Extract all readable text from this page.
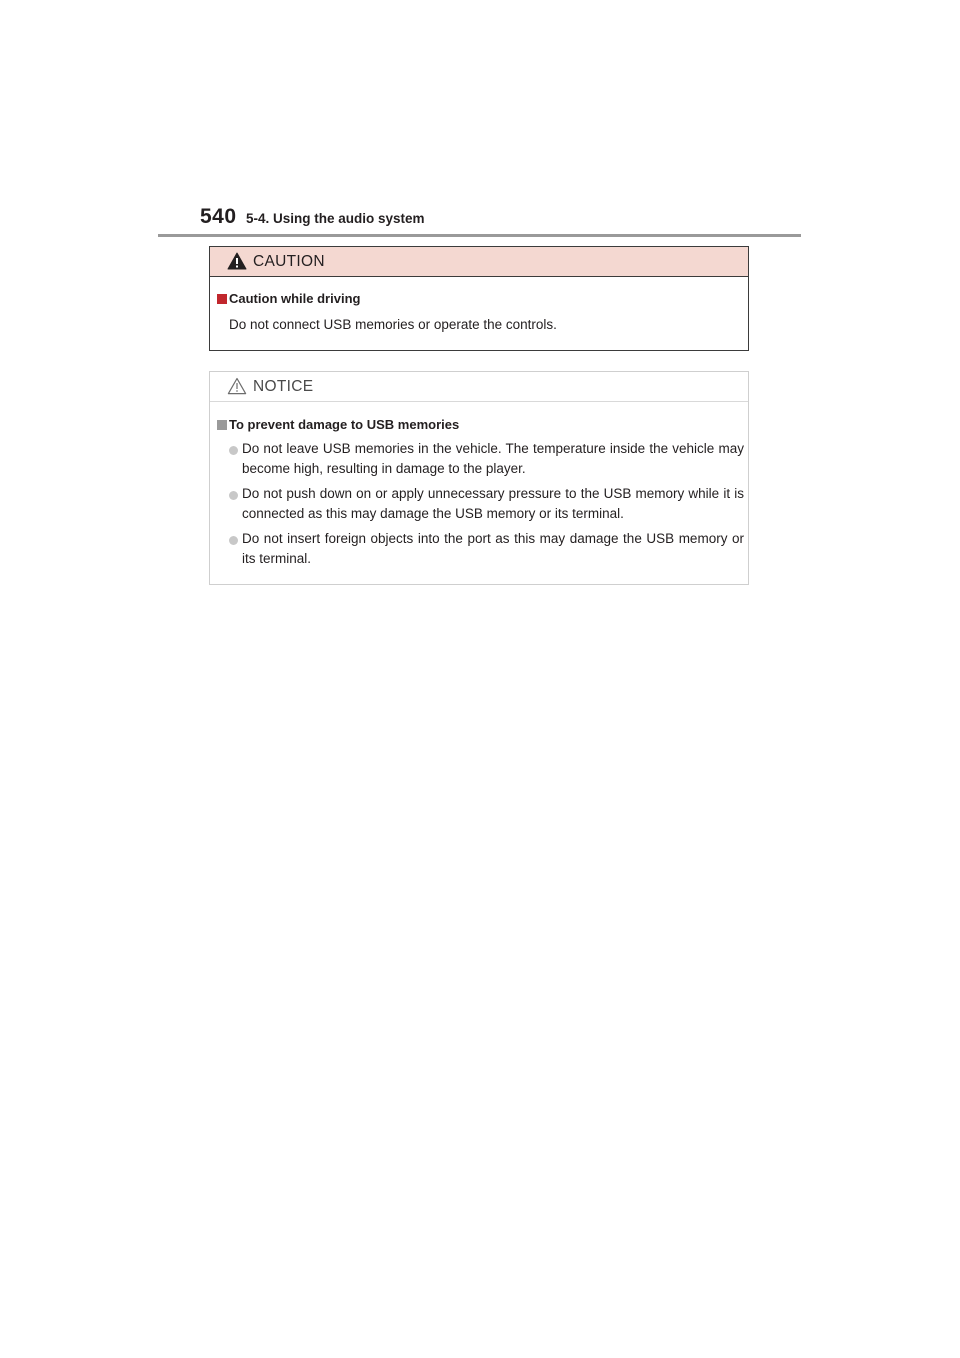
540 5-4. Using the audio system
CAUTION
Caution while driving
Do not connect USB memories or operate the controls.
NOTICE
To prevent damage to USB memories
Do not leave USB memories in the vehicle. The temperature inside the vehicle may become high, resulting in damage to the player.
Do not push down on or apply unnecessary pressure to the USB memory while it is connected as this may damage the USB memory or its terminal.
Do not insert foreign objects into the port as this may damage the USB memory or its terminal.
